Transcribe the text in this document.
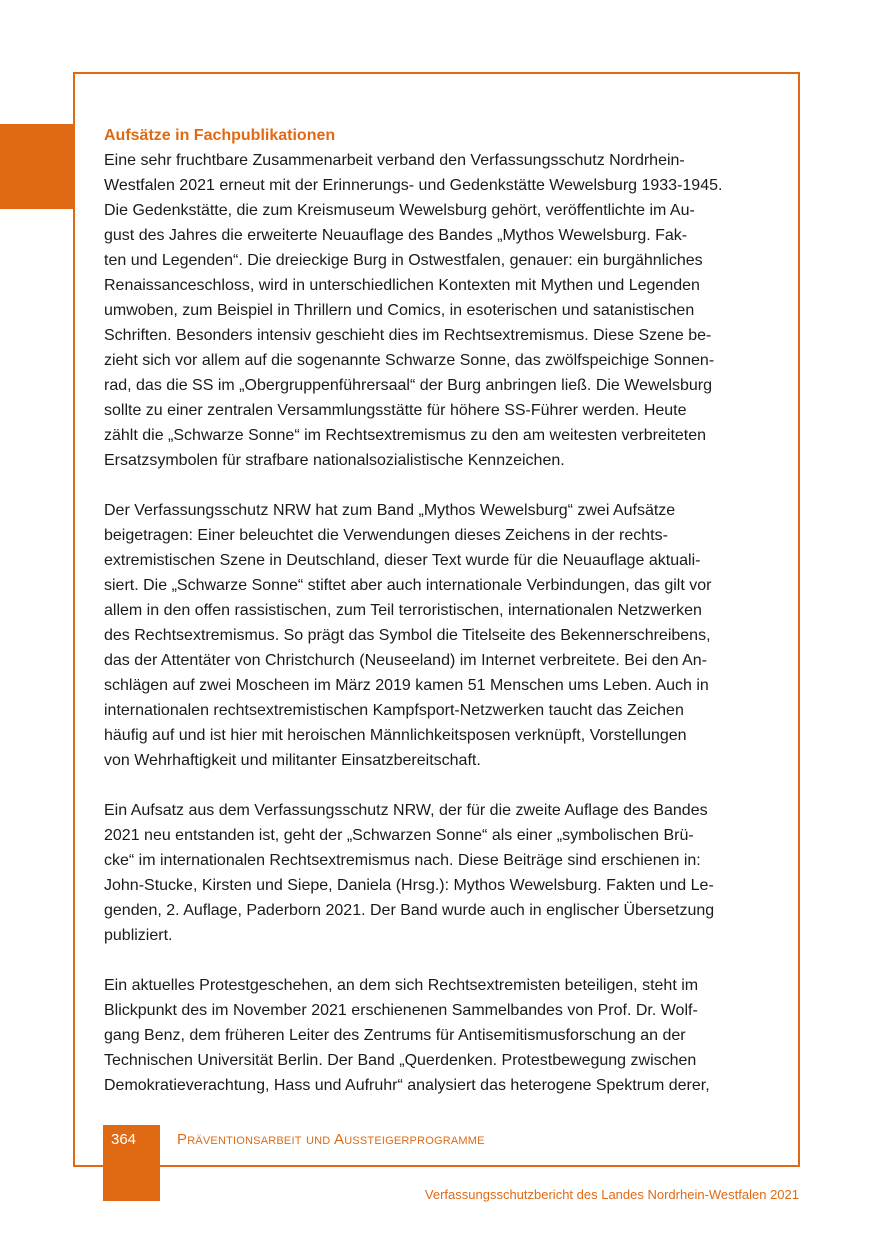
Aufsätze in Fachpublikationen

Eine sehr fruchtbare Zusammenarbeit verband den Verfassungsschutz Nordrhein-
Westfalen 2021 erneut mit der Erinnerungs- und Gedenkstätte Wewelsburg 1933-1945.
Die Gedenkstätte, die zum Kreismuseum Wewelsburg gehört, veröffentlichte im Au-
gust des Jahres die erweiterte Neuauflage des Bandes „Mythos Wewelsburg. Fak-
ten und Legenden“. Die dreieckige Burg in Ostwestfalen, genauer: ein burgähnliches
Renaissanceschloss, wird in unterschiedlichen Kontexten mit Mythen und Legenden
umwoben, zum Beispiel in Thrillern und Comics, in esoterischen und satanistischen
Schriften. Besonders intensiv geschieht dies im Rechtsextremismus. Diese Szene be-
zieht sich vor allem auf die sogenannte Schwarze Sonne, das zwölfspeichige Sonnen-
rad, das die SS im „Obergruppenführersaal“ der Burg anbringen ließ. Die Wewelsburg
sollte zu einer zentralen Versammlungsstätte für höhere SS-Führer werden. Heute
zählt die „Schwarze Sonne“ im Rechtsextremismus zu den am weitesten verbreiteten
Ersatzsymbolen für strafbare nationalsozialistische Kennzeichen.

Der Verfassungsschutz NRW hat zum Band „Mythos Wewelsburg“ zwei Aufsätze
beigetragen: Einer beleuchtet die Verwendungen dieses Zeichens in der rechts-
extremistischen Szene in Deutschland, dieser Text wurde für die Neuauflage aktuali-
siert. Die „Schwarze Sonne“ stiftet aber auch internationale Verbindungen, das gilt vor
allem in den offen rassistischen, zum Teil terroristischen, internationalen Netzwerken
des Rechtsextremismus. So prägt das Symbol die Titelseite des Bekennerschreibens,
das der Attentäter von Christchurch (Neuseeland) im Internet verbreitete. Bei den An-
schlägen auf zwei Moscheen im März 2019 kamen 51 Menschen ums Leben. Auch in
internationalen rechtsextremistischen Kampfsport-Netzwerken taucht das Zeichen
häufig auf und ist hier mit heroischen Männlichkeitsposen verknüpft, Vorstellungen
von Wehrhaftigkeit und militanter Einsatzbereitschaft.

Ein Aufsatz aus dem Verfassungsschutz NRW, der für die zweite Auflage des Bandes
2021 neu entstanden ist, geht der „Schwarzen Sonne“ als einer „symbolischen Brü-
cke“ im internationalen Rechtsextremismus nach. Diese Beiträge sind erschienen in:
John-Stucke, Kirsten und Siepe, Daniela (Hrsg.): Mythos Wewelsburg. Fakten und Le-
genden, 2. Auflage, Paderborn 2021. Der Band wurde auch in englischer Übersetzung
publiziert.

Ein aktuelles Protestgeschehen, an dem sich Rechtsextremisten beteiligen, steht im
Blickpunkt des im November 2021 erschienenen Sammelbandes von Prof. Dr. Wolf-
gang Benz, dem früheren Leiter des Zentrums für Antisemitismusforschung an der
Technischen Universität Berlin. Der Band „Querdenken. Protestbewegung zwischen
Demokratieverachtung, Hass und Aufruhr“ analysiert das heterogene Spektrum derer,

364	Präventionsarbeit und Aussteigerprogramme
Verfassungsschutzbericht des Landes Nordrhein-Westfalen 2021
